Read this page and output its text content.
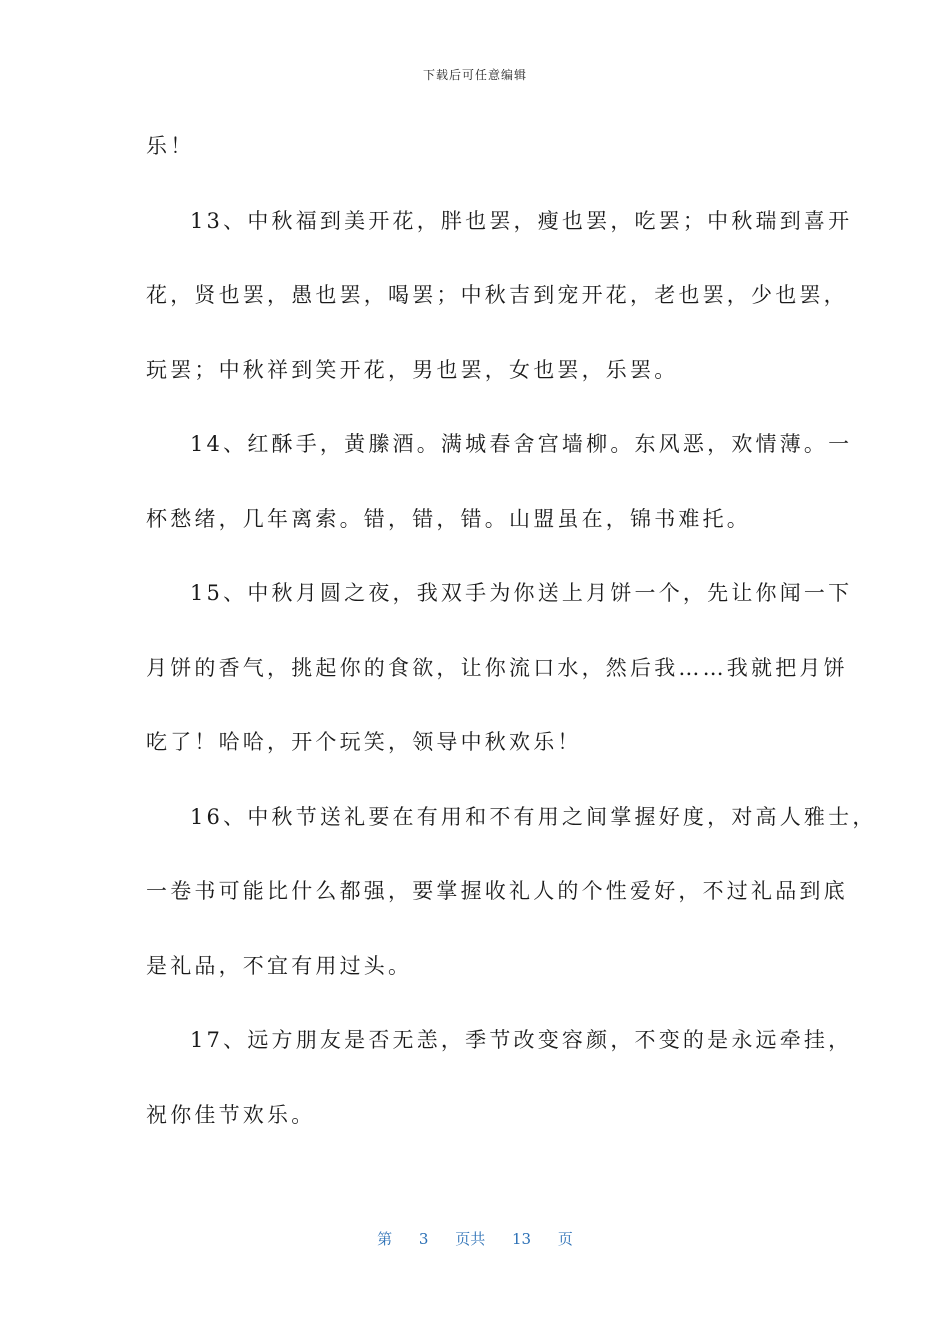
下载后可任意编辑
乐！
13、中秋福到美开花，胖也罢，瘦也罢，吃罢；中秋瑞到喜开
花，贤也罢，愚也罢，喝罢；中秋吉到宠开花，老也罢，少也罢，
玩罢；中秋祥到笑开花，男也罢，女也罢，乐罢。
14、红酥手，黄縢酒。满城春舍宫墙柳。东风恶，欢情薄。一
杯愁绪，几年离索。错，错，错。山盟虽在，锦书难托。
15、中秋月圆之夜，我双手为你送上月饼一个，先让你闻一下
月饼的香气，挑起你的食欲，让你流口水，然后我……我就把月饼
吃了！哈哈，开个玩笑，领导中秋欢乐！
16、中秋节送礼要在有用和不有用之间掌握好度，对高人雅士，
一卷书可能比什么都强，要掌握收礼人的个性爱好，不过礼品到底
是礼品，不宜有用过头。
17、远方朋友是否无恙，季节改变容颜，不变的是永远牵挂，
祝你佳节欢乐。
第 3 页共 13 页
